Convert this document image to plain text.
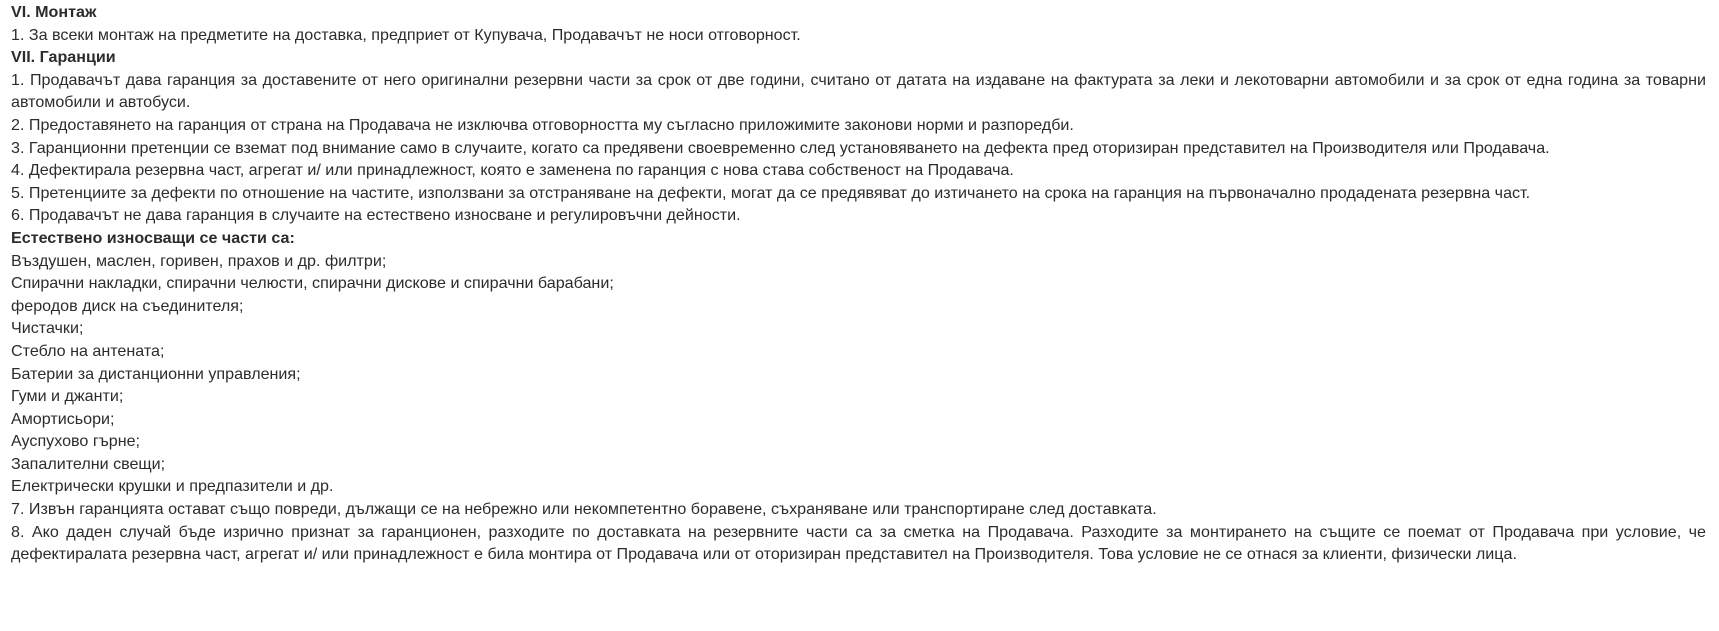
VI. Монтаж
1. За всеки монтаж на предметите на доставка, предприет от Купувача, Продавачът не носи отговорност.
VII. Гаранции
1. Продавачът дава гаранция за доставените от него оригинални резервни части за срок от две години, считано от датата на издаване на фактурата за леки и лекотоварни автомобили и за срок от една година за товарни автомобили и автобуси.
2. Предоставянето на гаранция от страна на Продавача не изключва отговорността му съгласно приложимите законови норми и разпоредби.
3. Гаранционни претенции се вземат под внимание само в случаите, когато са предявени своевременно след установяването на дефекта пред оторизиран представител на Производителя или Продавача.
4. Дефектирала резервна част, агрегат и/ или принадлежност, която е заменена по гаранция с нова става собственост на Продавача.
5. Претенциите за дефекти по отношение на частите, използвани за отстраняване на дефекти, могат да се предявяват до изтичането на срока на гаранция на първоначално продадената резервна част.
6. Продавачът не дава гаранция в случаите на естествено износване и регулировъчни дейности.
Естествено износващи се части са:
Въздушен, маслен, горивен, прахов и др. филтри;
Спирачни накладки, спирачни челюсти, спирачни дискове и спирачни барабани;
феродов диск на съединителя;
Чистачки;
Стебло на антената;
Батерии за дистанционни управления;
Гуми и джанти;
Амортисьори;
Ауспухово гърне;
Запалителни свещи;
Електрически крушки и предпазители и др.
7. Извън гаранцията остават също повреди, дължащи се на небрежно или некомпетентно боравене, съхраняване или транспортиране след доставката.
8. Ако даден случай бъде изрично признат за гаранционен, разходите по доставката на резервните части са за сметка на Продавача. Разходите за монтирането на същите се поемат от Продавача при условие, че дефектиралата резервна част, агрегат и/ или принадлежност е била монтира от Продавача или от оторизиран представител на Производителя. Това условие не се отнася за клиенти, физически лица.
